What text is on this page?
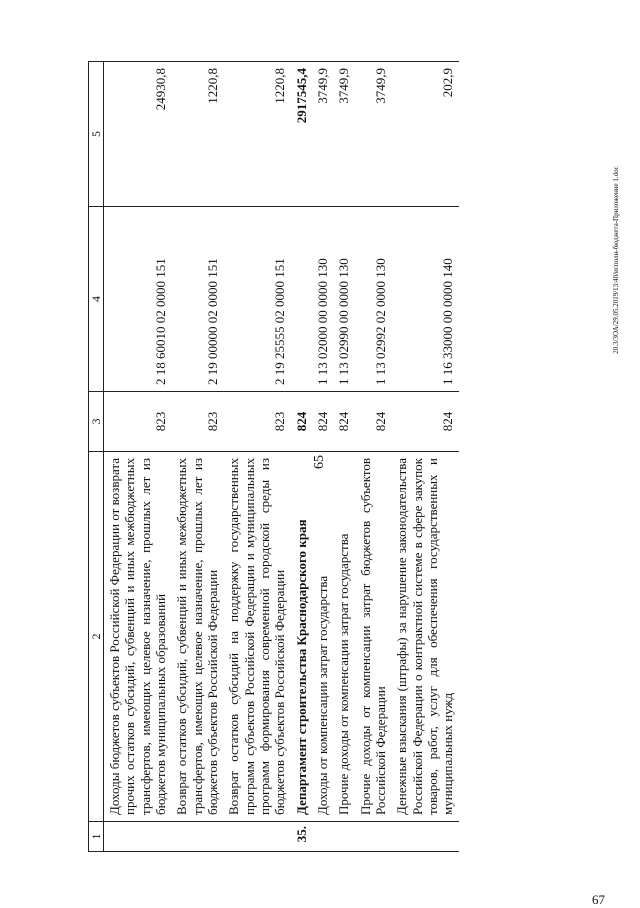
65
67
20.3/ЗОА/29.05.2019/13:40/исполн-бюджета-Приложение 1.doc
1	2	3	4	5
	Доходы бюджетов субъектов Российской Федерации от возврата прочих остатков субсидий, субвенций и иных межбюджетных трансфертов, имеющих целевое назначение, прошлых лет из бюджетов муниципальных образований	823	2 18 60010 02 0000 151	24930,8
	Возврат остатков субсидий, субвенций и иных межбюджетных трансфертов, имеющих целевое назначение, прошлых лет из бюджетов субъектов Российской Федерации	823	2 19 00000 02 0000 151	1220,8
	Возврат остатков субсидий на поддержку государственных программ субъектов Российской Федерации и муниципальных программ формирования современной городской среды из бюджетов субъектов Российской Федерации	823	2 19 25555 02 0000 151	1220,8
35.	Департамент строительства Краснодарского края	824		2917545,4
	Доходы от компенсации затрат государства	824	1 13 02000 00 0000 130	3749,9
	Прочие доходы от компенсации затрат государства	824	1 13 02990 00 0000 130	3749,9
	Прочие доходы от компенсации затрат бюджетов субъектов Российской Федерации	824	1 13 02992 02 0000 130	3749,9
	Денежные взыскания (штрафы) за нарушение законодательства Российской Федерации о контрактной системе в сфере закупок товаров, работ, услуг для обеспечения государственных и муниципальных нужд	824	1 16 33000 00 0000 140	202,9
